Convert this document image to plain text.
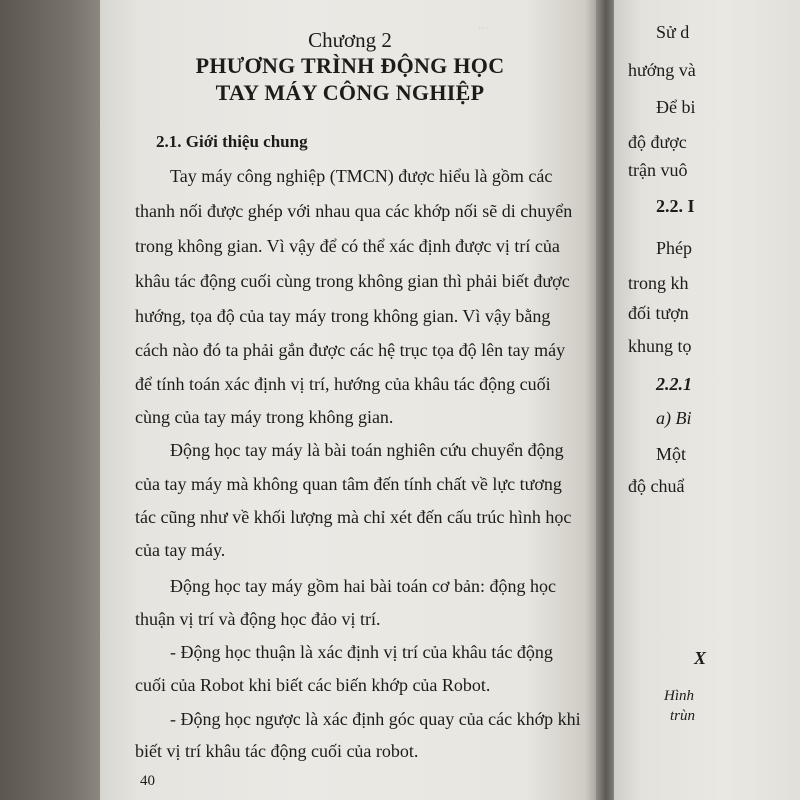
...
Chương 2
PHƯƠNG TRÌNH ĐỘNG HỌC
TAY MÁY CÔNG NGHIỆP
2.1. Giới thiệu chung
Tay máy công nghiệp (TMCN) được hiểu là gồm các
thanh nối được ghép với nhau qua các khớp nối sẽ di chuyển
trong không gian. Vì vậy để có thể xác định được vị trí của
khâu tác động cuối cùng trong không gian thì phải biết được
hướng, tọa độ của tay máy trong không gian. Vì vậy bằng
cách nào đó ta phải gắn được các hệ trục tọa độ lên tay máy
để tính toán xác định vị trí, hướng của khâu tác động cuối
cùng của tay máy trong không gian.
Động học tay máy là bài toán nghiên cứu chuyển động
của tay máy mà không quan tâm đến tính chất về lực tương
tác cũng như về khối lượng mà chỉ xét đến cấu trúc hình học
của tay máy.
Động học tay máy gồm hai bài toán cơ bản: động học
thuận vị trí và động học đảo vị trí.
- Động học thuận là xác định vị trí của khâu tác động
cuối của Robot khi biết các biến khớp của Robot.
- Động học ngược là xác định góc quay của các khớp khi
biết vị trí khâu tác động cuối của robot.
40
Sử d
hướng và
Để bi
độ được
trận vuô
2.2. I
Phép
trong kh
đối tượn
khung tọ
2.2.1
a) Bi
Một
độ chuẩ
X
Hình
trùn
